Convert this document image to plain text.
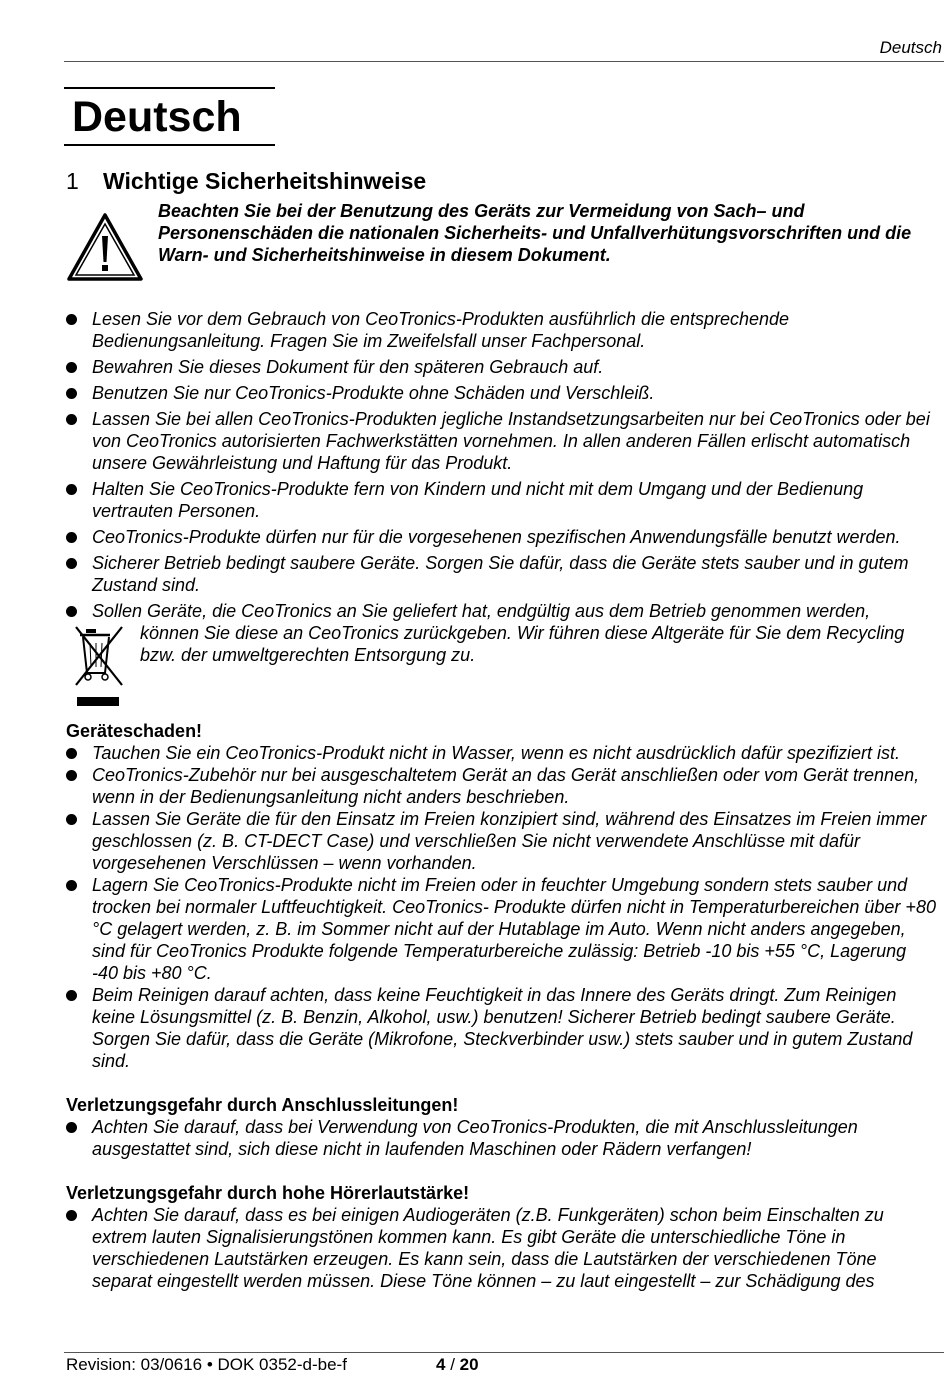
Deutsch
Deutsch
1 Wichtige Sicherheitshinweise
Beachten Sie bei der Benutzung des Geräts zur Vermeidung von Sach– und Personenschäden die nationalen Sicherheits- und Unfallverhütungsvorschriften und die Warn- und Sicherheitshinweise in diesem Dokument.
Lesen Sie vor dem Gebrauch von CeoTronics-Produkten ausführlich die entsprechende Bedienungsanleitung. Fragen Sie im Zweifelsfall unser Fachpersonal.
Bewahren Sie dieses Dokument für den späteren Gebrauch auf.
Benutzen Sie nur CeoTronics-Produkte ohne Schäden und Verschleiß.
Lassen Sie bei allen CeoTronics-Produkten jegliche Instandsetzungsarbeiten nur bei CeoTronics oder bei von CeoTronics autorisierten Fachwerkstätten vornehmen. In allen anderen Fällen erlischt automatisch unsere Gewährleistung und Haftung für das Produkt.
Halten Sie CeoTronics-Produkte fern von Kindern und nicht mit dem Umgang und der Bedienung vertrauten Personen.
CeoTronics-Produkte dürfen nur für die vorgesehenen spezifischen Anwendungsfälle benutzt werden.
Sicherer Betrieb bedingt saubere Geräte. Sorgen Sie dafür, dass die Geräte stets sauber und in gutem Zustand sind.
Sollen Geräte, die CeoTronics an Sie geliefert hat, endgültig aus dem Betrieb genommen werden,
können Sie diese an CeoTronics zurückgeben. Wir führen diese Altgeräte für Sie dem Recycling bzw. der umweltgerechten Entsorgung zu.
Geräteschaden!
Tauchen Sie ein CeoTronics-Produkt nicht in Wasser, wenn es nicht ausdrücklich dafür spezifiziert ist.
CeoTronics-Zubehör nur bei ausgeschaltetem Gerät an das Gerät anschließen oder vom Gerät trennen, wenn in der Bedienungsanleitung nicht anders beschrieben.
Lassen Sie Geräte die für den Einsatz im Freien konzipiert sind, während des Einsatzes im Freien immer geschlossen (z. B. CT-DECT Case) und verschließen Sie nicht verwendete Anschlüsse mit dafür vorgesehenen Verschlüssen – wenn vorhanden.
Lagern Sie CeoTronics-Produkte nicht im Freien oder in feuchter Umgebung sondern stets sauber und trocken bei normaler Luftfeuchtigkeit. CeoTronics- Produkte dürfen nicht in Temperaturbereichen über +80 °C gelagert werden, z. B. im Sommer nicht auf der Hutablage im Auto. Wenn nicht anders angegeben, sind für CeoTronics Produkte folgende Temperaturbereiche zulässig: Betrieb -10 bis +55 °C, Lagerung -40 bis +80 °C.
Beim Reinigen darauf achten, dass keine Feuchtigkeit in das Innere des Geräts dringt. Zum Reinigen keine Lösungsmittel (z. B. Benzin, Alkohol, usw.) benutzen! Sicherer Betrieb bedingt saubere Geräte. Sorgen Sie dafür, dass die Geräte (Mikrofone, Steckverbinder usw.) stets sauber und in gutem Zustand sind.
Verletzungsgefahr durch Anschlussleitungen!
Achten Sie darauf, dass bei Verwendung von CeoTronics-Produkten, die mit Anschlussleitungen ausgestattet sind, sich diese nicht in laufenden Maschinen oder Rädern verfangen!
Verletzungsgefahr durch hohe Hörerlautstärke!
Achten Sie darauf, dass es bei einigen Audiogeräten (z.B. Funkgeräten) schon beim Einschalten zu extrem lauten Signalisierungstönen kommen kann. Es gibt Geräte die unterschiedliche Töne in verschiedenen Lautstärken erzeugen. Es kann sein, dass die Lautstärken der verschiedenen Töne separat eingestellt werden müssen. Diese Töne können – zu laut eingestellt – zur Schädigung des
Revision: 03/0616 • DOK 0352-d-be-f	4 / 20
